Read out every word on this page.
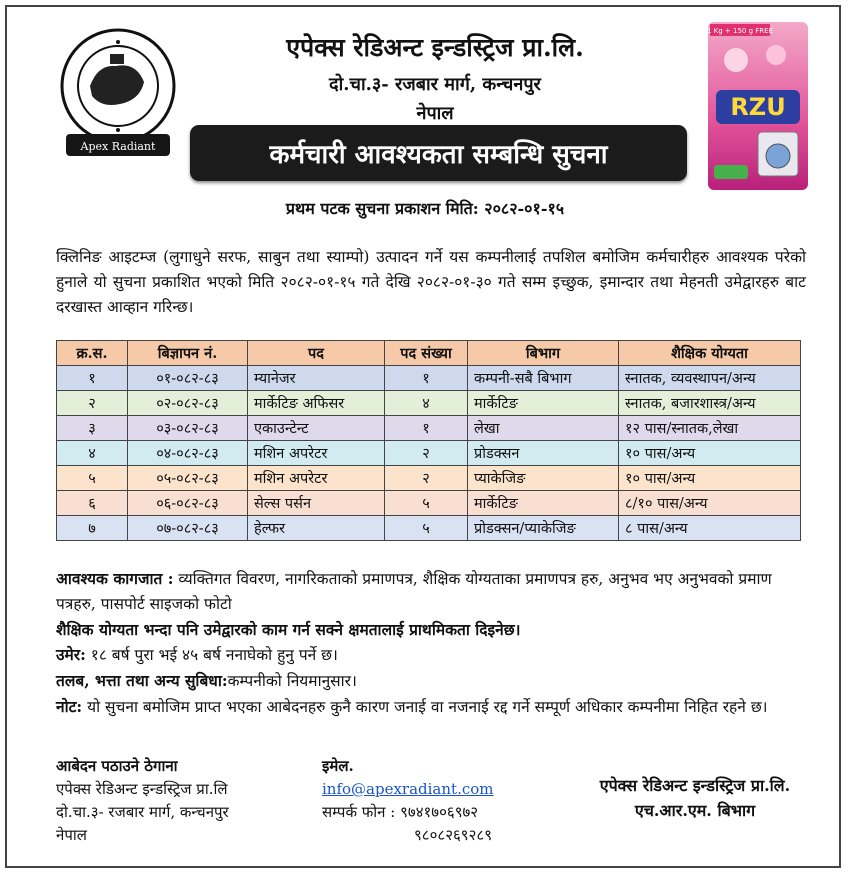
Apex Radiant
एपेक्स रेडिअन्ट इन्डस्ट्रिज प्रा.लि.
दो.चा.३- रजबार मार्ग, कन्चनपुर
नेपाल
कर्मचारी आवश्यकता सम्बन्धि सुचना
1 Kg + 150 g FREE
RZU
प्रथम पटक सुचना प्रकाशन मिति: २०८२-०१-१५
क्लिनिङ आइटम्ज (लुगाधुने सरफ, साबुन तथा स्याम्पो) उत्पादन गर्ने यस कम्पनीलाई तपशिल बमोजिम कर्मचारीहरु आवश्यक परेको हुनाले यो सुचना प्रकाशित भएको मिति २०८२-०१-१५ गते देखि २०८२-०१-३० गते सम्म इच्छुक, इमान्दार तथा मेहनती उमेद्वारहरु बाट दरखास्त आव्हान गरिन्छ।
क्र.स.	बिज्ञापन नं.	पद	पद संख्या	बिभाग	शैक्षिक योग्यता
१	०१-०८२-८३	म्यानेजर	१	कम्पनी-सबै बिभाग	स्नातक, व्यवस्थापन/अन्य
२	०२-०८२-८३	मार्केटिङ अफिसर	४	मार्केटिङ	स्नातक, बजारशास्त्र/अन्य
३	०३-०८२-८३	एकाउन्टेन्ट	१	लेखा	१२ पास/स्नातक,लेखा
४	०४-०८२-८३	मशिन अपरेटर	२	प्रोडक्सन	१० पास/अन्य
५	०५-०८२-८३	मशिन अपरेटर	२	प्याकेजिङ	१० पास/अन्य
६	०६-०८२-८३	सेल्स पर्सन	५	मार्केटिङ	८/१० पास/अन्य
७	०७-०८२-८३	हेल्फर	५	प्रोडक्सन/प्याकेजिङ	८ पास/अन्य
आवश्यक कागजात : व्यक्तिगत विवरण, नागरिकताको प्रमाणपत्र, शैक्षिक योग्यताका प्रमाणपत्र हरु, अनुभव भए अनुभवको प्रमाण पत्रहरु, पासपोर्ट साइजको फोटो
शैक्षिक योग्यता भन्दा पनि उमेद्वारको काम गर्न सक्ने क्षमतालाई प्राथमिकता दिइनेछ।
उमेर: १८ बर्ष पुरा भई ४५ बर्ष ननाघेको हुनु पर्ने छ।
तलब, भत्ता तथा अन्य सुबिधा:कम्पनीको नियमानुसार।
नोट: यो सुचना बमोजिम प्राप्त भएका आबेदनहरु कुनै कारण जनाई वा नजनाई रद्द गर्ने सम्पूर्ण अधिकार कम्पनीमा निहित रहने छ।
आबेदन पठाउने ठेगाना
एपेक्स रेडिअन्ट इन्डस्ट्रिज प्रा.लि
दो.चा.३- रजबार मार्ग, कन्चनपुर
नेपाल
इमेल.
info@apexradiant.com
सम्पर्क फोन : ९७४१७०६९७२
९८०८२६९२८९
एपेक्स रेडिअन्ट इन्डस्ट्रिज प्रा.लि.
एच.आर.एम. बिभाग
